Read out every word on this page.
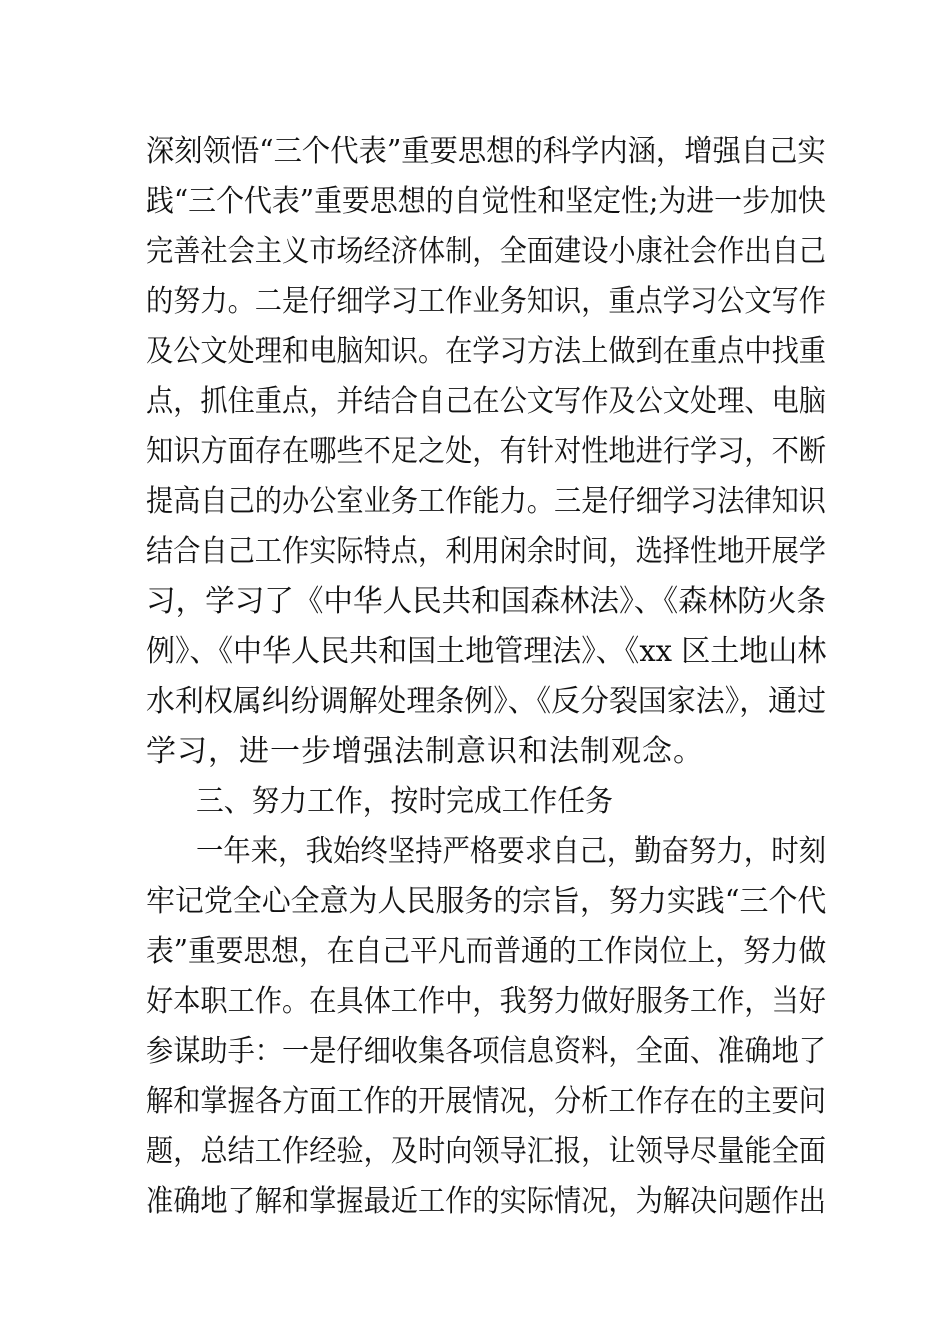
深刻领悟“三个代表”重要思想的科学内涵，增强自己实
践“三个代表”重要思想的自觉性和坚定性;为进一步加快
完善社会主义市场经济体制，全面建设小康社会作出自己
的努力。二是仔细学习工作业务知识，重点学习公文写作
及公文处理和电脑知识。在学习方法上做到在重点中找重
点，抓住重点，并结合自己在公文写作及公文处理、电脑
知识方面存在哪些不足之处，有针对性地进行学习，不断
提高自己的办公室业务工作能力。三是仔细学习法律知识
结合自己工作实际特点，利用闲余时间，选择性地开展学
习，学习了《中华人民共和国森林法》、《森林防火条
例》、《中华人民共和国土地管理法》、《xx 区土地山林
水利权属纠纷调解处理条例》、《反分裂国家法》，通过
学习，进一步增强法制意识和法制观念。
三、努力工作，按时完成工作任务
一年来，我始终坚持严格要求自己，勤奋努力，时刻
牢记党全心全意为人民服务的宗旨，努力实践“三个代
表”重要思想，在自己平凡而普通的工作岗位上，努力做
好本职工作。在具体工作中，我努力做好服务工作，当好
参谋助手：一是仔细收集各项信息资料，全面、准确地了
解和掌握各方面工作的开展情况，分析工作存在的主要问
题，总结工作经验，及时向领导汇报，让领导尽量能全面
准确地了解和掌握最近工作的实际情况，为解决问题作出
